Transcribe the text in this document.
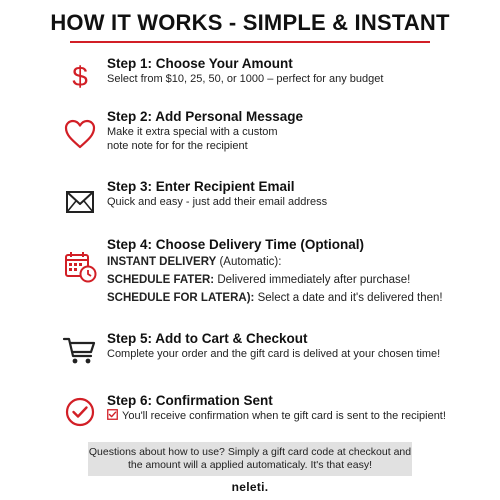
HOW IT WORKS - SIMPLE & INSTANT
$ Step 1: Choose Your Amount
Select from $10, 25, 50, or 1000 – perfect for any budget
Step 2: Add Personal Message
Make it extra special with a custom
note note for for the recipient
Step 3: Enter Recipient Email
Quick and easy - just add their email address
Step 4: Choose Delivery Time (Optional)
INSTANT DELIVERY (Automatic):
SCHEDULE FATER: Delivered immediately after purchase!
SCHEDULE FOR LATERA): Select a date and it's delivered then!
Step 5: Add to Cart & Checkout
Complete your order and the gift card is delived at your chosen time!
Step 6: Confirmation Sent
You'll receive confirmation when te gift card is sent to the recipient!
Questions about how to use? Simply a gift card code at checkout and
the amount will a applied automaticaly. It's that easy!
neleti.
